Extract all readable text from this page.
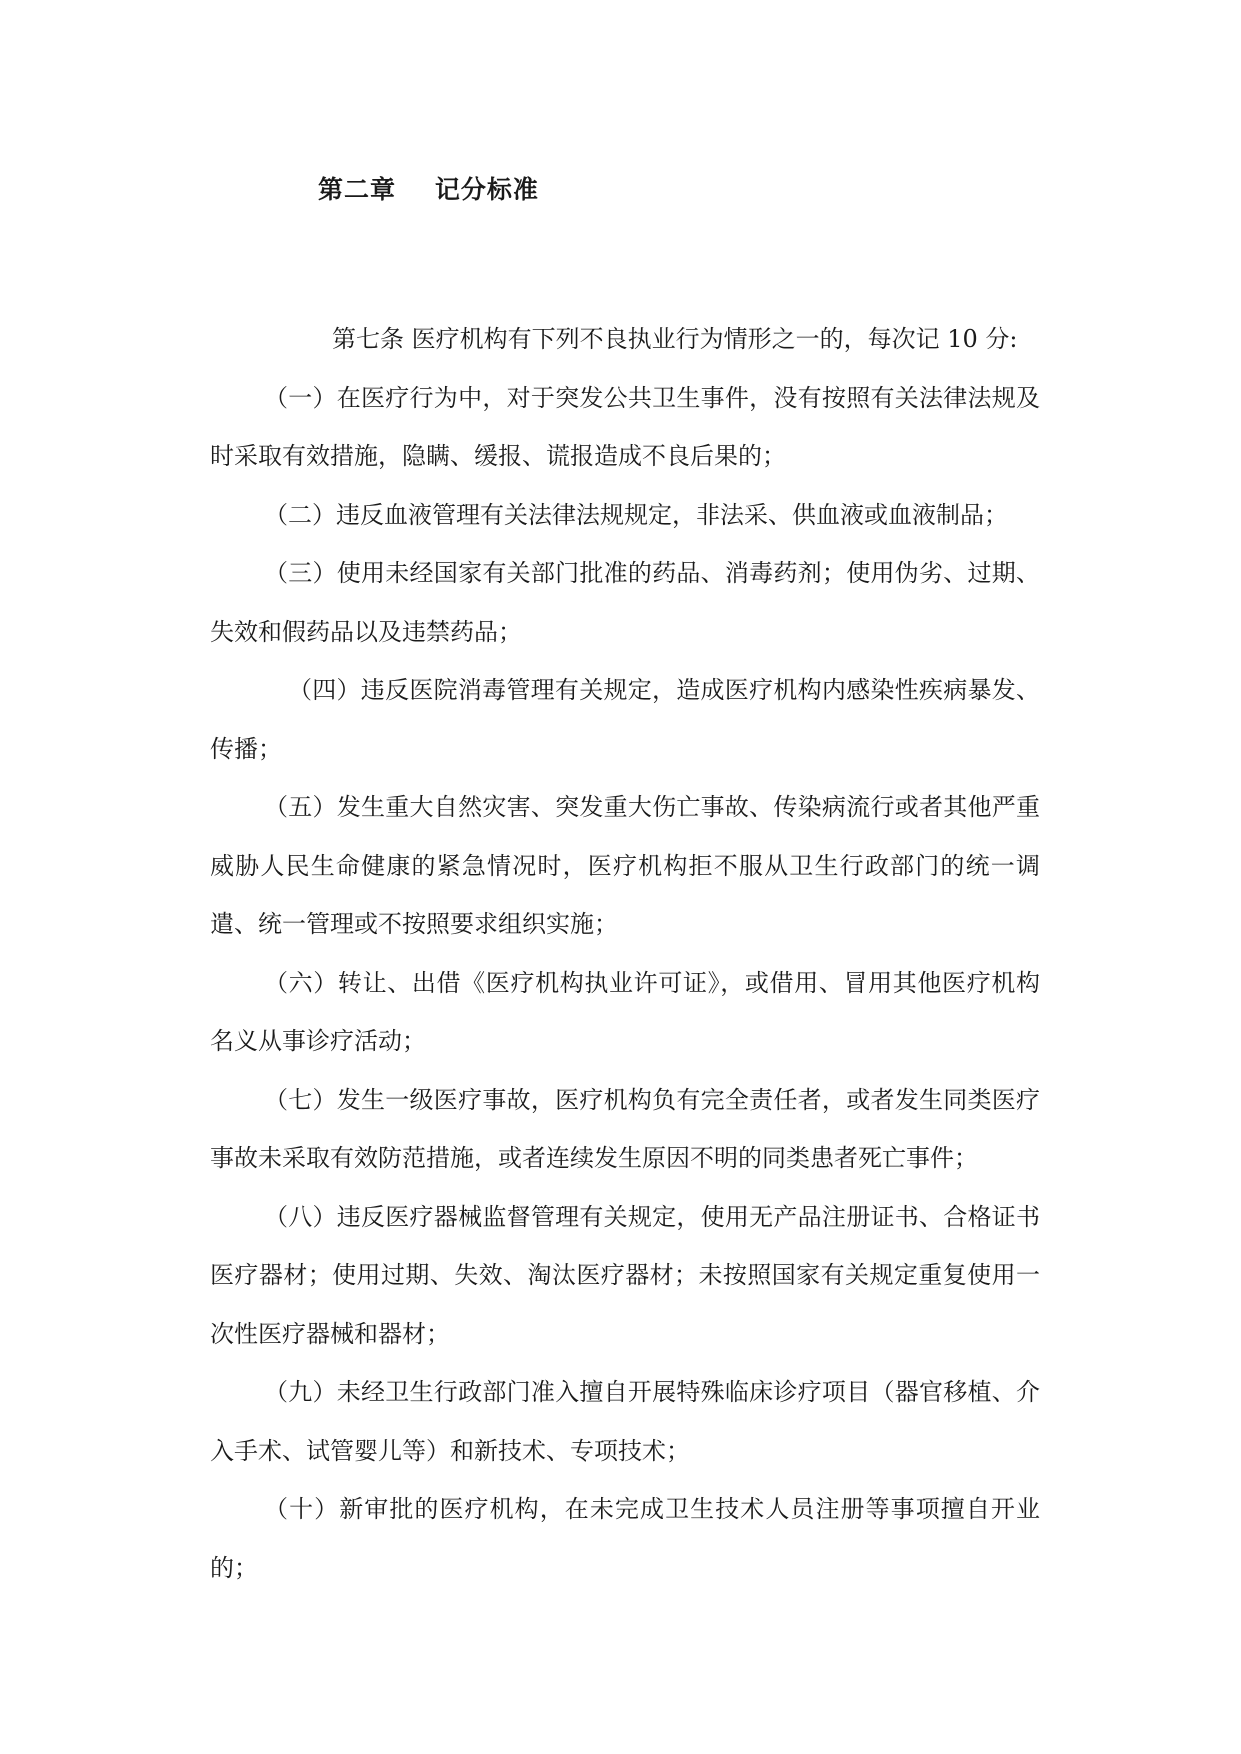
第二章    记分标准

第七条 医疗机构有下列不良执业行为情形之一的，每次记 10 分:

（一）在医疗行为中，对于突发公共卫生事件，没有按照有关法律法规及时采取有效措施，隐瞒、缓报、谎报造成不良后果的；

（二）违反血液管理有关法律法规规定，非法采、供血液或血液制品；

（三）使用未经国家有关部门批准的药品、消毒药剂；使用伪劣、过期、失效和假药品以及违禁药品；

（四）违反医院消毒管理有关规定，造成医疗机构内感染性疾病暴发、传播；

（五）发生重大自然灾害、突发重大伤亡事故、传染病流行或者其他严重威胁人民生命健康的紧急情况时，医疗机构拒不服从卫生行政部门的统一调遣、统一管理或不按照要求组织实施；

（六）转让、出借《医疗机构执业许可证》，或借用、冒用其他医疗机构名义从事诊疗活动；

（七）发生一级医疗事故，医疗机构负有完全责任者，或者发生同类医疗事故未采取有效防范措施，或者连续发生原因不明的同类患者死亡事件；

（八）违反医疗器械监督管理有关规定，使用无产品注册证书、合格证书医疗器材；使用过期、失效、淘汰医疗器材；未按照国家有关规定重复使用一次性医疗器械和器材；

（九）未经卫生行政部门准入擅自开展特殊临床诊疗项目（器官移植、介入手术、试管婴儿等）和新技术、专项技术；

（十）新审批的医疗机构，在未完成卫生技术人员注册等事项擅自开业的；
